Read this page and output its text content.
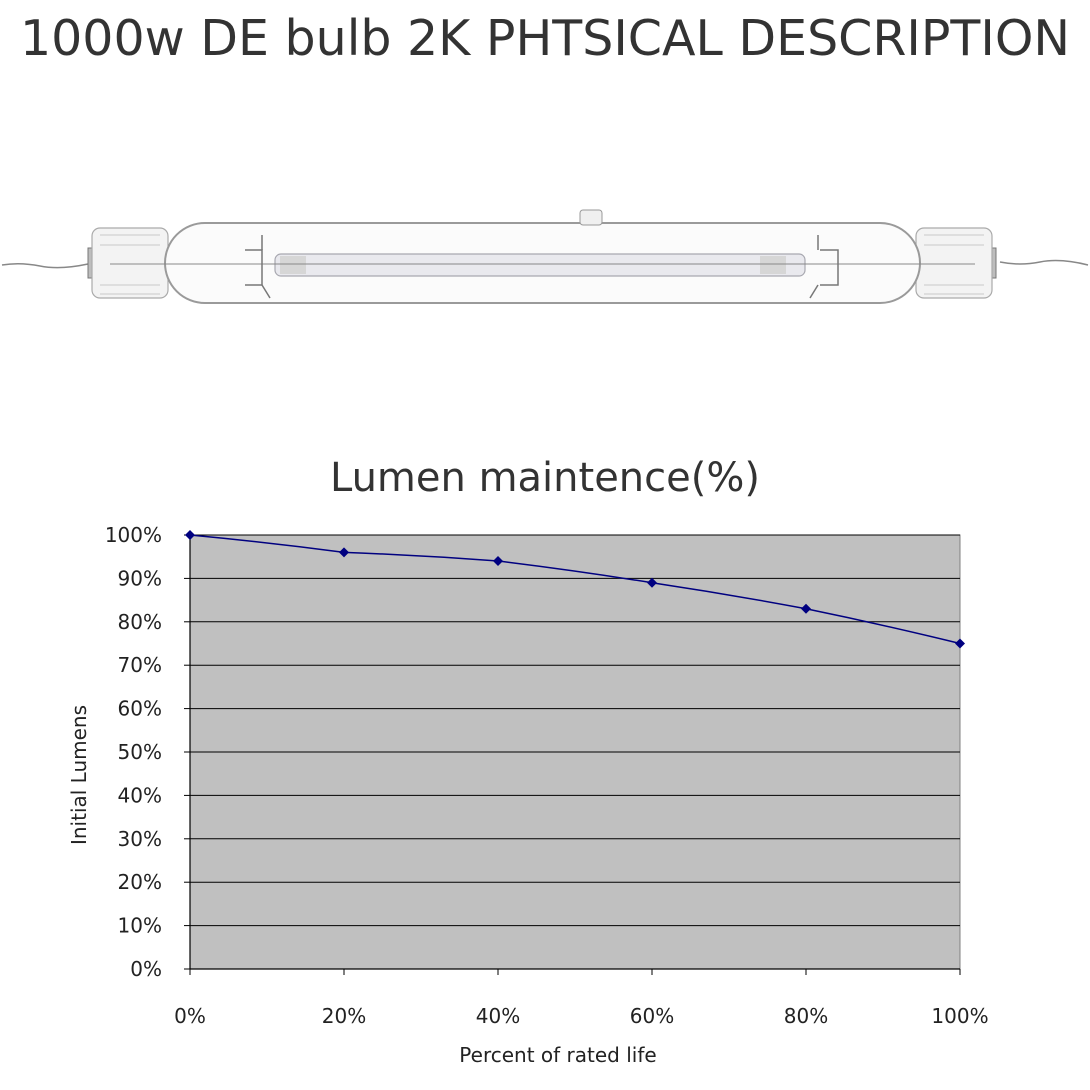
1000w DE bulb 2K PHTSICAL DESCRIPTION
Lumen maintence(%)
0%
10%
20%
30%
40%
50%
60%
70%
80%
90%
100%
0%	20%	40%	60%	80%	100%
Percent of rated life
Initial Lumens
